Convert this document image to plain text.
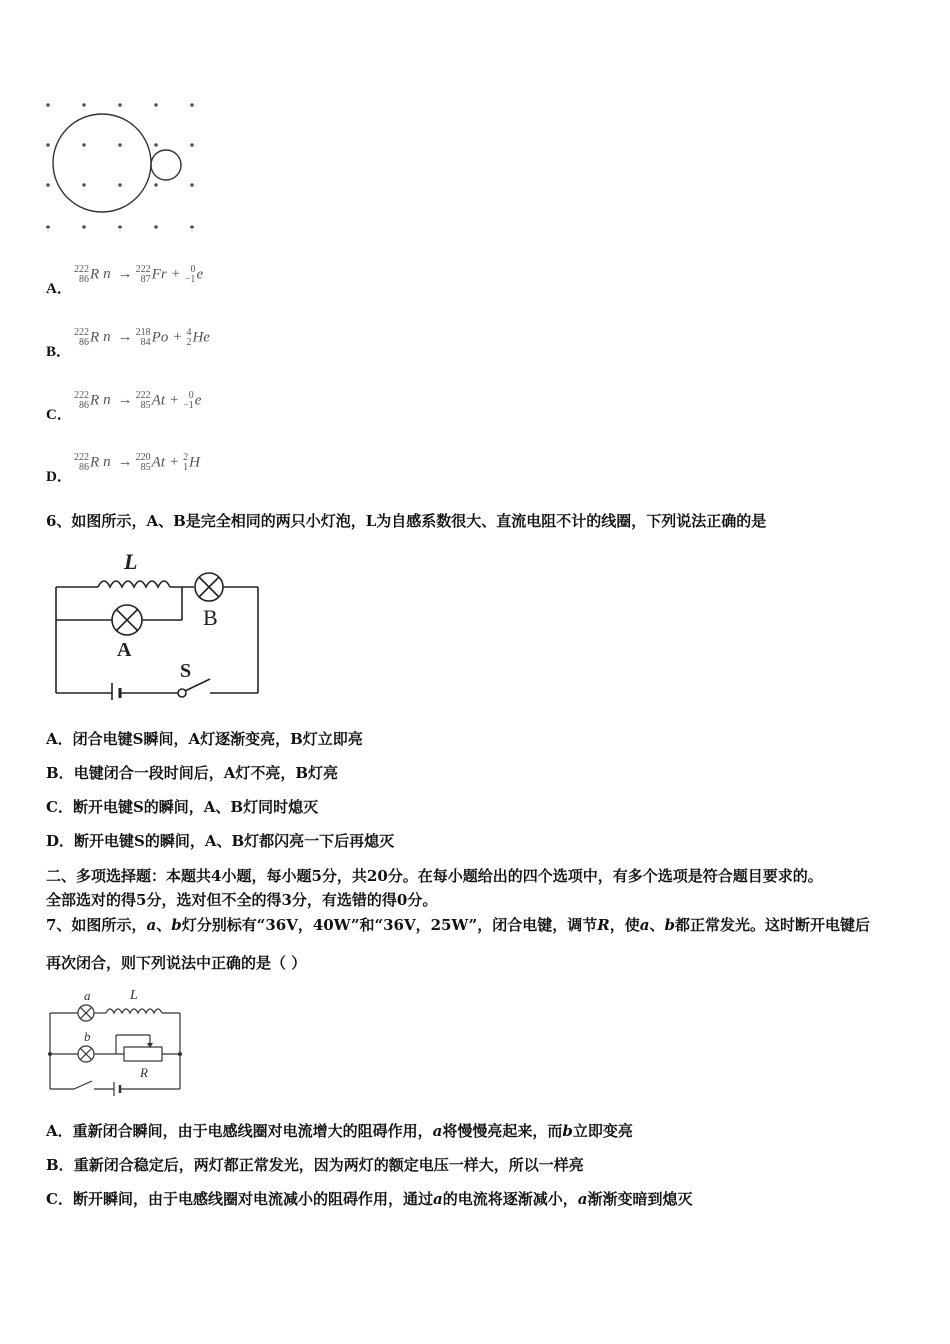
A．
222
86R n → 222
87Fr + 0
−1e
B．
222
86R n → 218
84Po + 4
2He
C．
222
86R n → 222
85At + 0
−1e
D．
222
86R n → 220
85At + 2
1H
6、如图所示，A、B是完全相同的两只小灯泡，L为自感系数很大、直流电阻不计的线圈，下列说法正确的是
L
B
A
S
A．闭合电键S瞬间，A灯逐渐变亮，B灯立即亮
B．电键闭合一段时间后，A灯不亮，B灯亮
C．断开电键S的瞬间，A、B灯同时熄灭
D．断开电键S的瞬间，A、B灯都闪亮一下后再熄灭
二、多项选择题：本题共4小题，每小题5分，共20分。在每小题给出的四个选项中，有多个选项是符合题目要求的。
全部选对的得5分，选对但不全的得3分，有选错的得0分。
7、如图所示，a、b灯分别标有“36V，40W”和“36V，25W”，闭合电键，调节R，使a、b都正常发光。这时断开电键后
再次闭合，则下列说法中正确的是（ ）
a
b
L
R
A．重新闭合瞬间，由于电感线圈对电流增大的阻碍作用，a将慢慢亮起来，而b立即变亮
B．重新闭合稳定后，两灯都正常发光，因为两灯的额定电压一样大，所以一样亮
C．断开瞬间，由于电感线圈对电流减小的阻碍作用，通过a的电流将逐渐减小，a渐渐变暗到熄灭
